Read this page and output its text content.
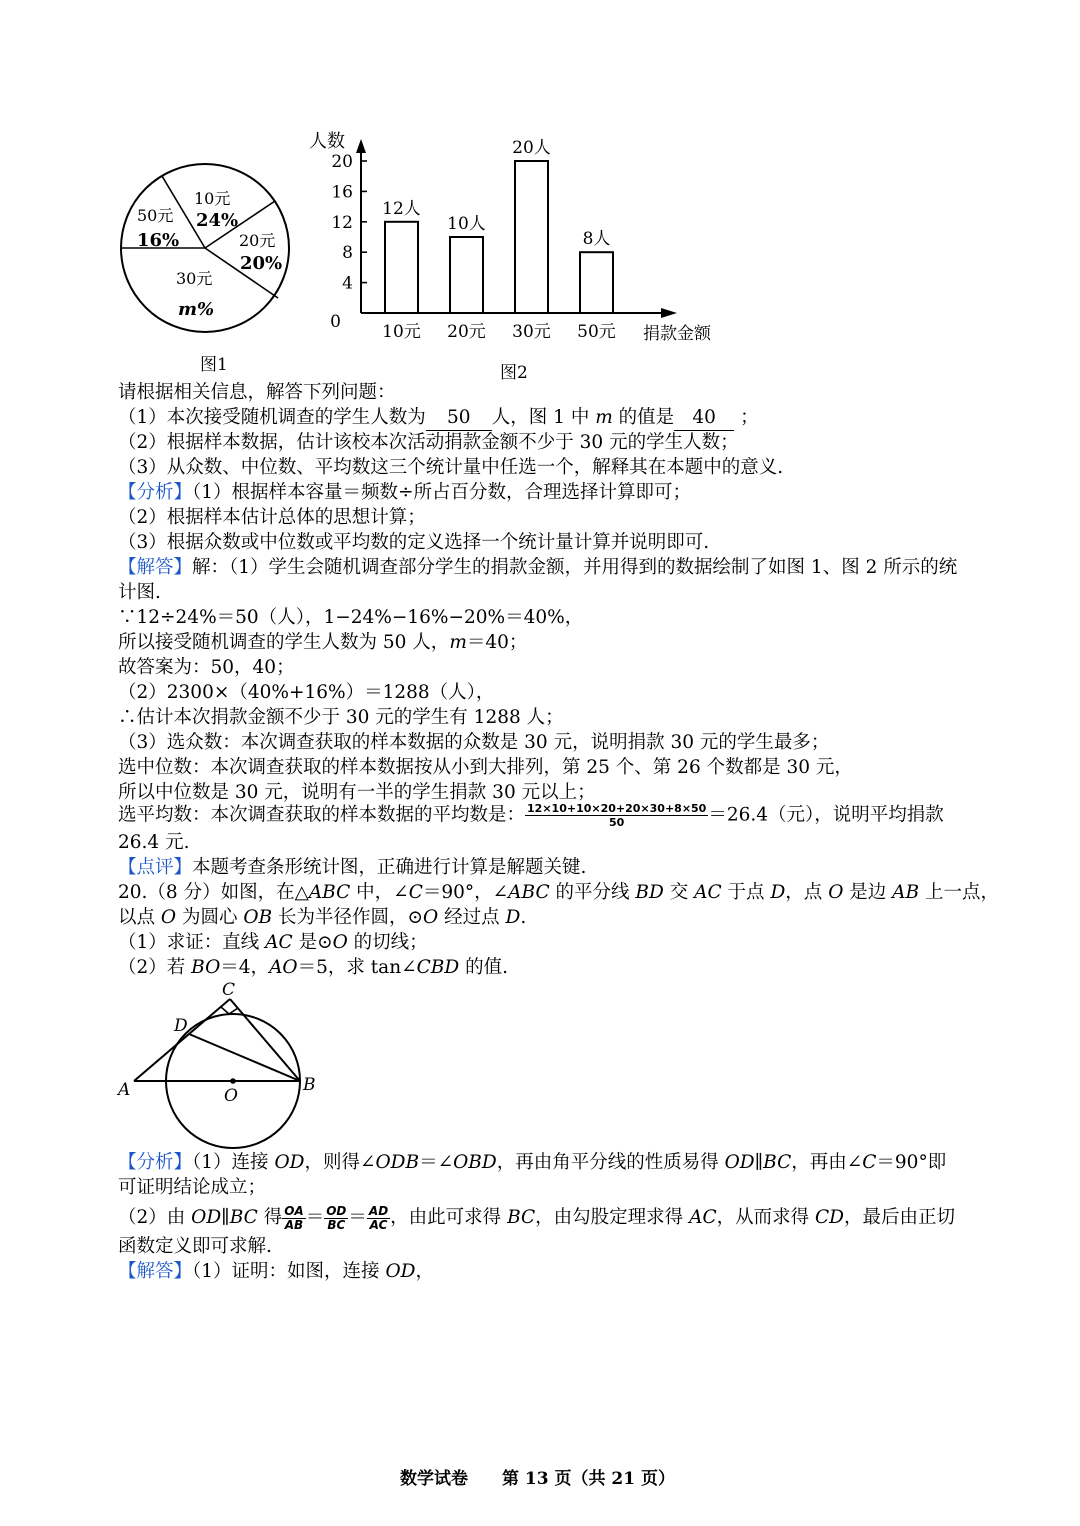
10元
24%
20元
20%
30元
m%
50元
16%
图1
人数
捐款金额
0
4
8
12
16
20
12人
10元
10人
20元
20人
30元
8人
50元
图2
请根据相关信息，解答下列问题：
（1）本次接受随机调查的学生人数为 50 人，图 1 中 m 的值是 40 ；
（2）根据样本数据，估计该校本次活动捐款金额不少于 30 元的学生人数；
（3）从众数、中位数、平均数这三个统计量中任选一个，解释其在本题中的意义.
【分析】（1）根据样本容量＝频数÷所占百分数，合理选择计算即可；
（2）根据样本估计总体的思想计算；
（3）根据众数或中位数或平均数的定义选择一个统计量计算并说明即可.
【解答】解：（1）学生会随机调查部分学生的捐款金额，并用得到的数据绘制了如图 1、图 2 所示的统
计图.
∵12÷24%＝50（人），1−24%−16%−20%＝40%，
所以接受随机调查的学生人数为 50 人，m＝40；
故答案为：50，40；
（2）2300×（40%+16%）＝1288（人），
∴估计本次捐款金额不少于 30 元的学生有 1288 人；
（3）选众数：本次调查获取的样本数据的众数是 30 元，说明捐款 30 元的学生最多；
选中位数：本次调查获取的样本数据按从小到大排列，第 25 个、第 26 个数都是 30 元，
所以中位数是 30 元，说明有一半的学生捐款 30 元以上；
选平均数：本次调查获取的样本数据的平均数是： $\frac{12\times 10+10\times 20+20\times 30+8\times 50}{50} =26.4$（元），说明平均捐款
26.4 元.
【点评】本题考查条形统计图，正确进行计算是解题关键.
20.（8 分）如图，在△ABC 中，∠C＝90°，∠ABC 的平分线 BD 交 AC 于点 D，点 O 是边 AB 上一点，
以点 O 为圆心 OB 长为半径作圆，⊙O 经过点 D.
（1）求证：直线 AC 是⊙O 的切线；
（2）若 BO＝4，AO＝5，求 tan∠CBD 的值.
C
D
A	B
O
【分析】（1）连接 OD，则得∠ODB＝∠OBD，再由角平分线的性质易得 OD∥BC，再由∠C＝90°即
可证明结论成立；
（2）由 OD∥BC 得 $\frac{OA}{AB} = \frac{OD}{BC} = \frac{AD}{AC}$ ，由此可求得 BC，由勾股定理求得 AC，从而求得 CD，最后由正切
函数定义即可求解.
【解答】（1）证明：如图，连接 OD，
数学试卷　　第 13 页（共 21 页）
